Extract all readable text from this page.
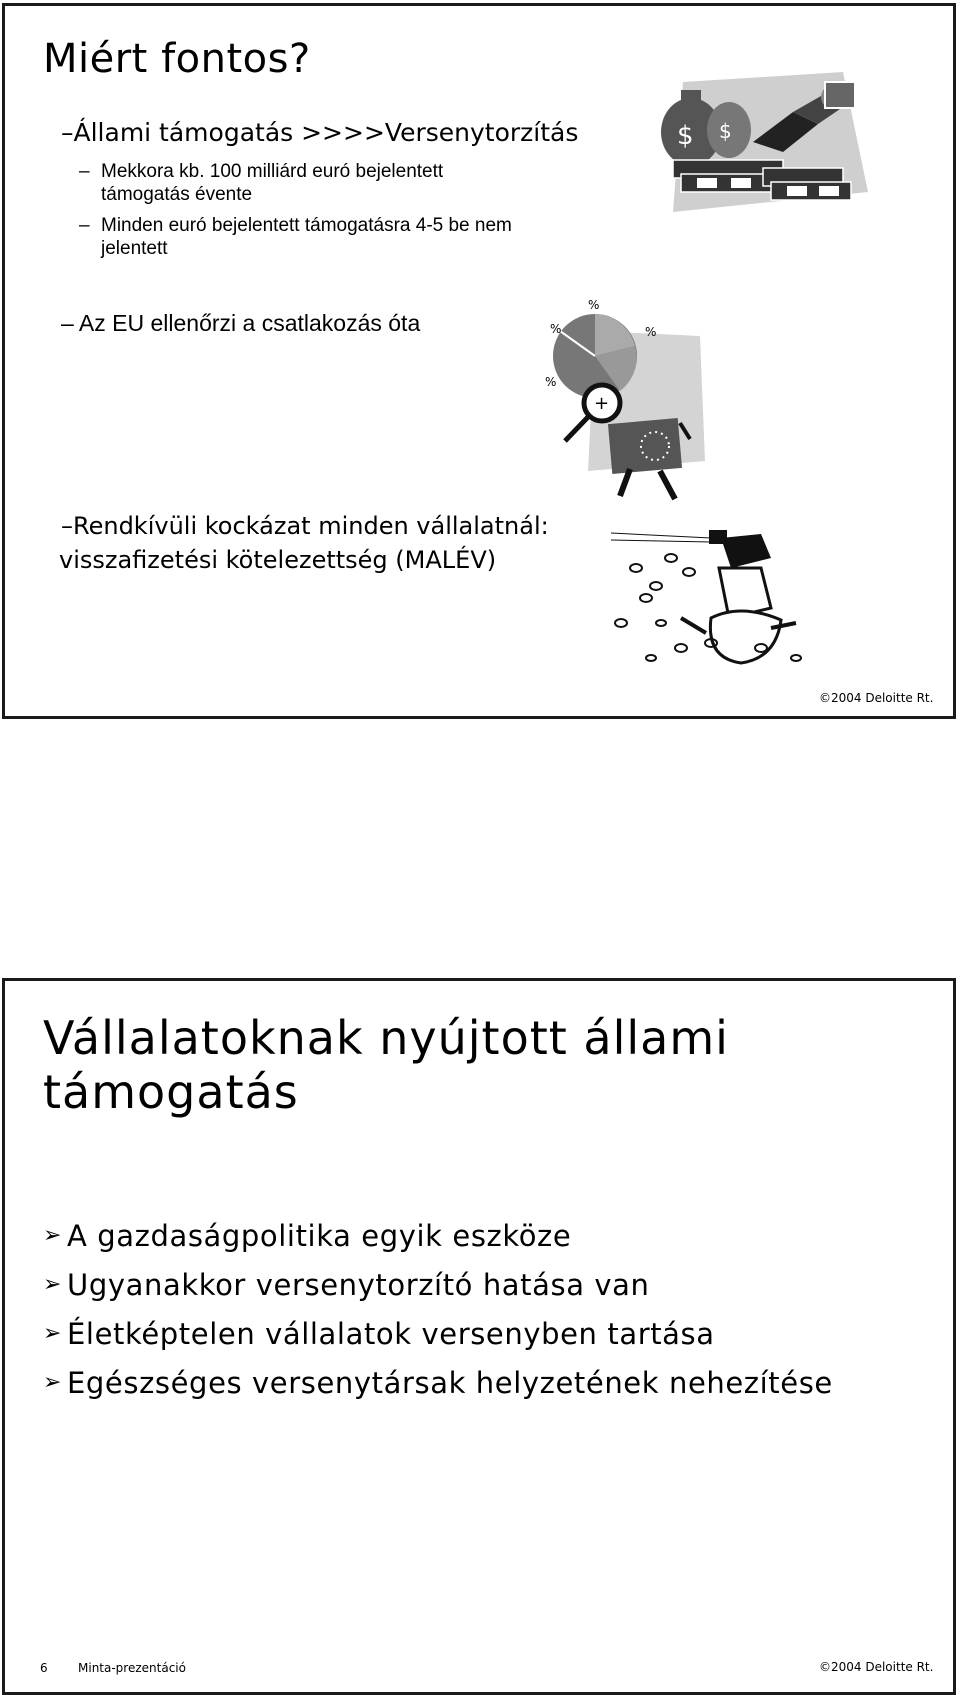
Miért fontos?
–Állami támogatás >>>>Versenytorzítás
– Mekkora kb. 100 milliárd euró bejelentett
támogatás évente
– Minden euró bejelentett támogatásra 4-5 be nem
jelentett
– Az EU ellenőrzi a csatlakozás óta
–Rendkívüli kockázat minden vállalatnál:
visszafizetési kötelezettség (MALÉV)
$ $
%
%
%
%
+
©2004 Deloitte Rt.
Vállalatoknak nyújtott állami
támogatás
➢ A gazdaságpolitika egyik eszköze
➢ Ugyanakkor versenytorzító hatása van
➢ Életképtelen vállalatok versenyben tartása
➢ Egészséges versenytársak helyzetének nehezítése
6	Minta-prezentáció	©2004 Deloitte Rt.
